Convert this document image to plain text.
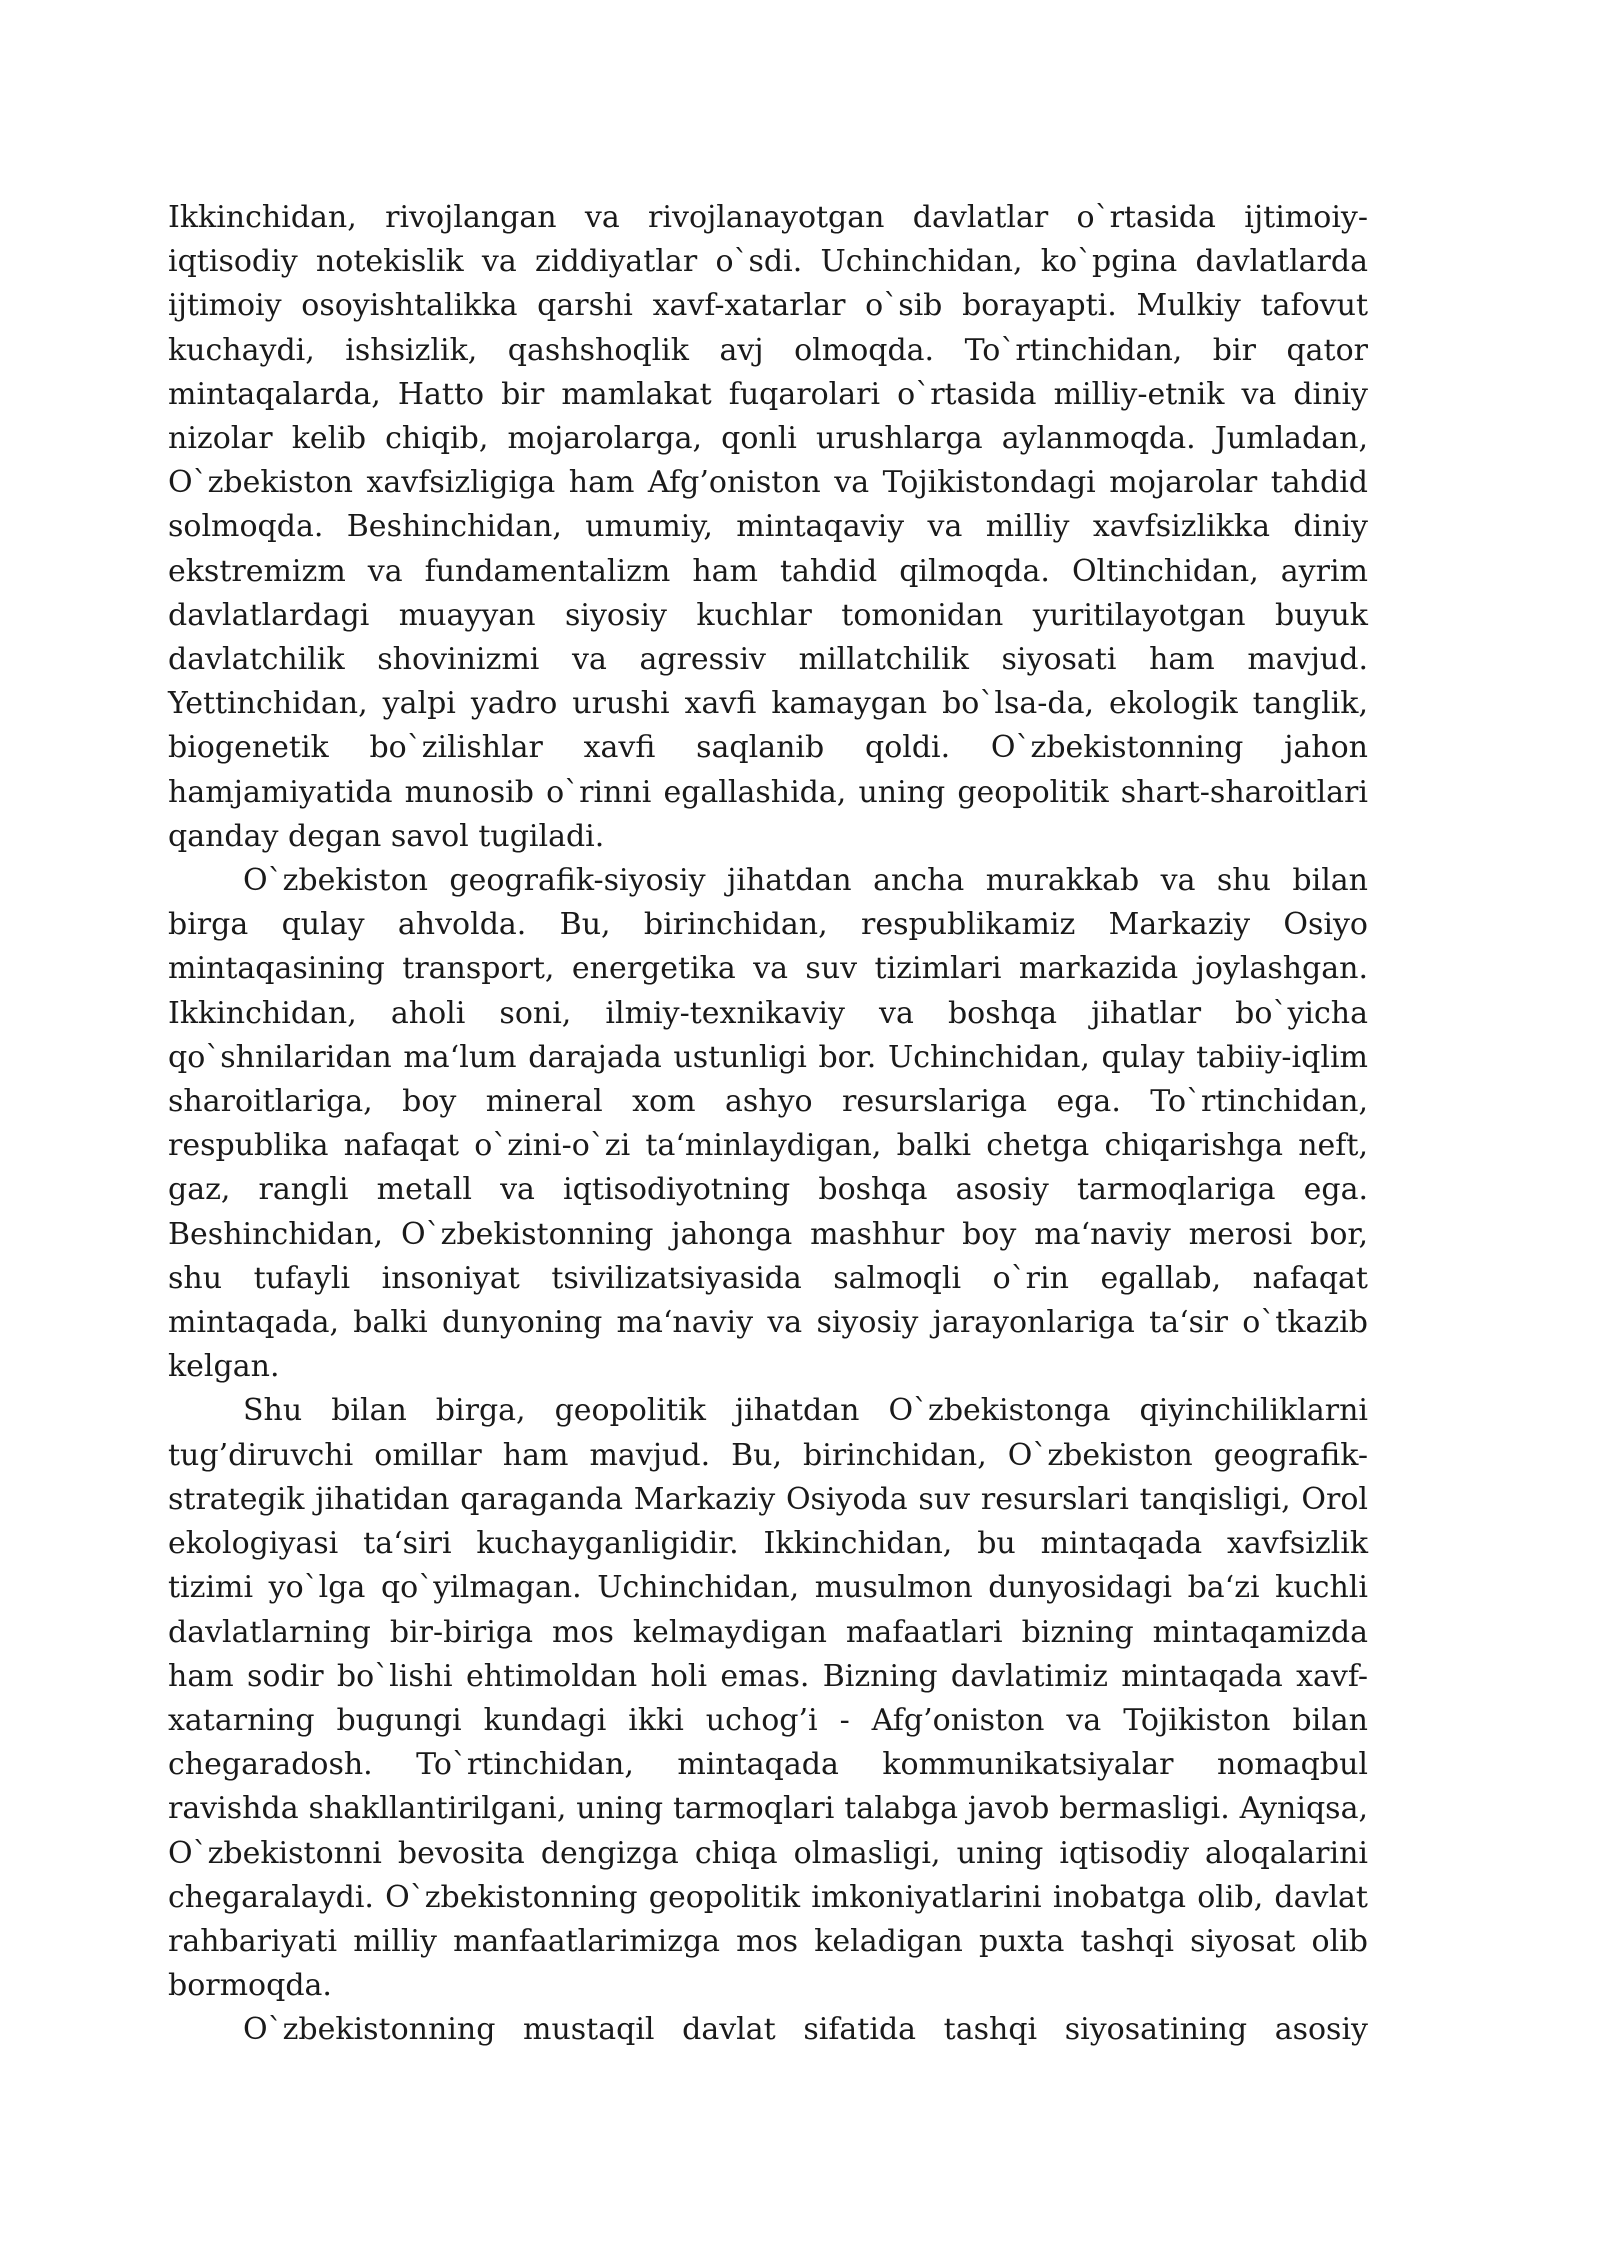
Ikkinchidan, rivojlangan va rivojlanayotgan davlatlar o`rtasida ijtimoiy-iqtisodiy notekislik va ziddiyatlar o`sdi. Uchinchidan, ko`pgina davlatlarda ijtimoiy osoyishtalikka qarshi xavf-xatarlar o`sib borayapti. Mulkiy tafovut kuchaydi, ishsizlik, qashshoqlik avj olmoqda. To`rtinchidan, bir qator mintaqalarda, Hatto bir mamlakat fuqarolari o`rtasida milliy-etnik va diniy nizolar kelib chiqib, mojarolarga, qonli urushlarga aylanmoqda. Jumladan, O`zbekiston xavfsizligiga ham Afg’oniston va Tojikistondagi mojarolar tahdid solmoqda. Beshinchidan, umumiy, mintaqaviy va milliy xavfsizlikka diniy ekstremizm va fundamentalizm ham tahdid qilmoqda. Oltinchidan, ayrim davlatlardagi muayyan siyosiy kuchlar tomonidan yuritilayotgan buyuk davlatchilik shovinizmi va agressiv millatchilik siyosati ham mavjud. Yettinchidan, yalpi yadro urushi xavfi kamaygan bo`lsa-da, ekologik tanglik, biogenetik bo`zilishlar xavfi saqlanib qoldi. O`zbekistonning jahon hamjamiyatida munosib o`rinni egallashida, uning geopolitik shart-sharoitlari qanday degan savol tugiladi.

O`zbekiston geografik-siyosiy jihatdan ancha murakkab va shu bilan birga qulay ahvolda. Bu, birinchidan, respublikamiz Markaziy Osiyo mintaqasining transport, energetika va suv tizimlari markazida joylashgan. Ikkinchidan, aholi soni, ilmiy-texnikaviy va boshqa jihatlar bo`yicha qo`shnilaridan ma‘lum darajada ustunligi bor. Uchinchidan, qulay tabiiy-iqlim sharoitlariga, boy mineral xom ashyo resurslariga ega. To`rtinchidan, respublika nafaqat o`zini-o`zi ta‘minlaydigan, balki chetga chiqarishga neft, gaz, rangli metall va iqtisodiyotning boshqa asosiy tarmoqlariga ega. Beshinchidan, O`zbekistonning jahonga mashhur boy ma‘naviy merosi bor, shu tufayli insoniyat tsivilizatsiyasida salmoqli o`rin egallab, nafaqat mintaqada, balki dunyoning ma‘naviy va siyosiy jarayonlariga ta‘sir o`tkazib kelgan.

Shu bilan birga, geopolitik jihatdan O`zbekistonga qiyinchiliklarni tug’diruvchi omillar ham mavjud. Bu, birinchidan, O`zbekiston geografik-strategik jihatidan qaraganda Markaziy Osiyoda suv resurslari tanqisligi, Orol ekologiyasi ta‘siri kuchayganligidir. Ikkinchidan, bu mintaqada xavfsizlik tizimi yo`lga qo`yilmagan. Uchinchidan, musulmon dunyosidagi ba‘zi kuchli davlatlarning bir-biriga mos kelmaydigan mafaatlari bizning mintaqamizda ham sodir bo`lishi ehtimoldan holi emas. Bizning davlatimiz mintaqada xavf-xatarning bugungi kundagi ikki uchog’i - Afg’oniston va Tojikiston bilan chegaradosh. To`rtinchidan, mintaqada kommunikatsiyalar nomaqbul ravishda shakllantirilgani, uning tarmoqlari talabga javob bermasligi. Ayniqsa, O`zbekistonni bevosita dengizga chiqa olmasligi, uning iqtisodiy aloqalarini chegaralaydi. O`zbekistonning geopolitik imkoniyatlarini inobatga olib, davlat rahbariyati milliy manfaatlarimizga mos keladigan puxta tashqi siyosat olib bormoqda.

O`zbekistonning mustaqil davlat sifatida tashqi siyosatining asosiy
